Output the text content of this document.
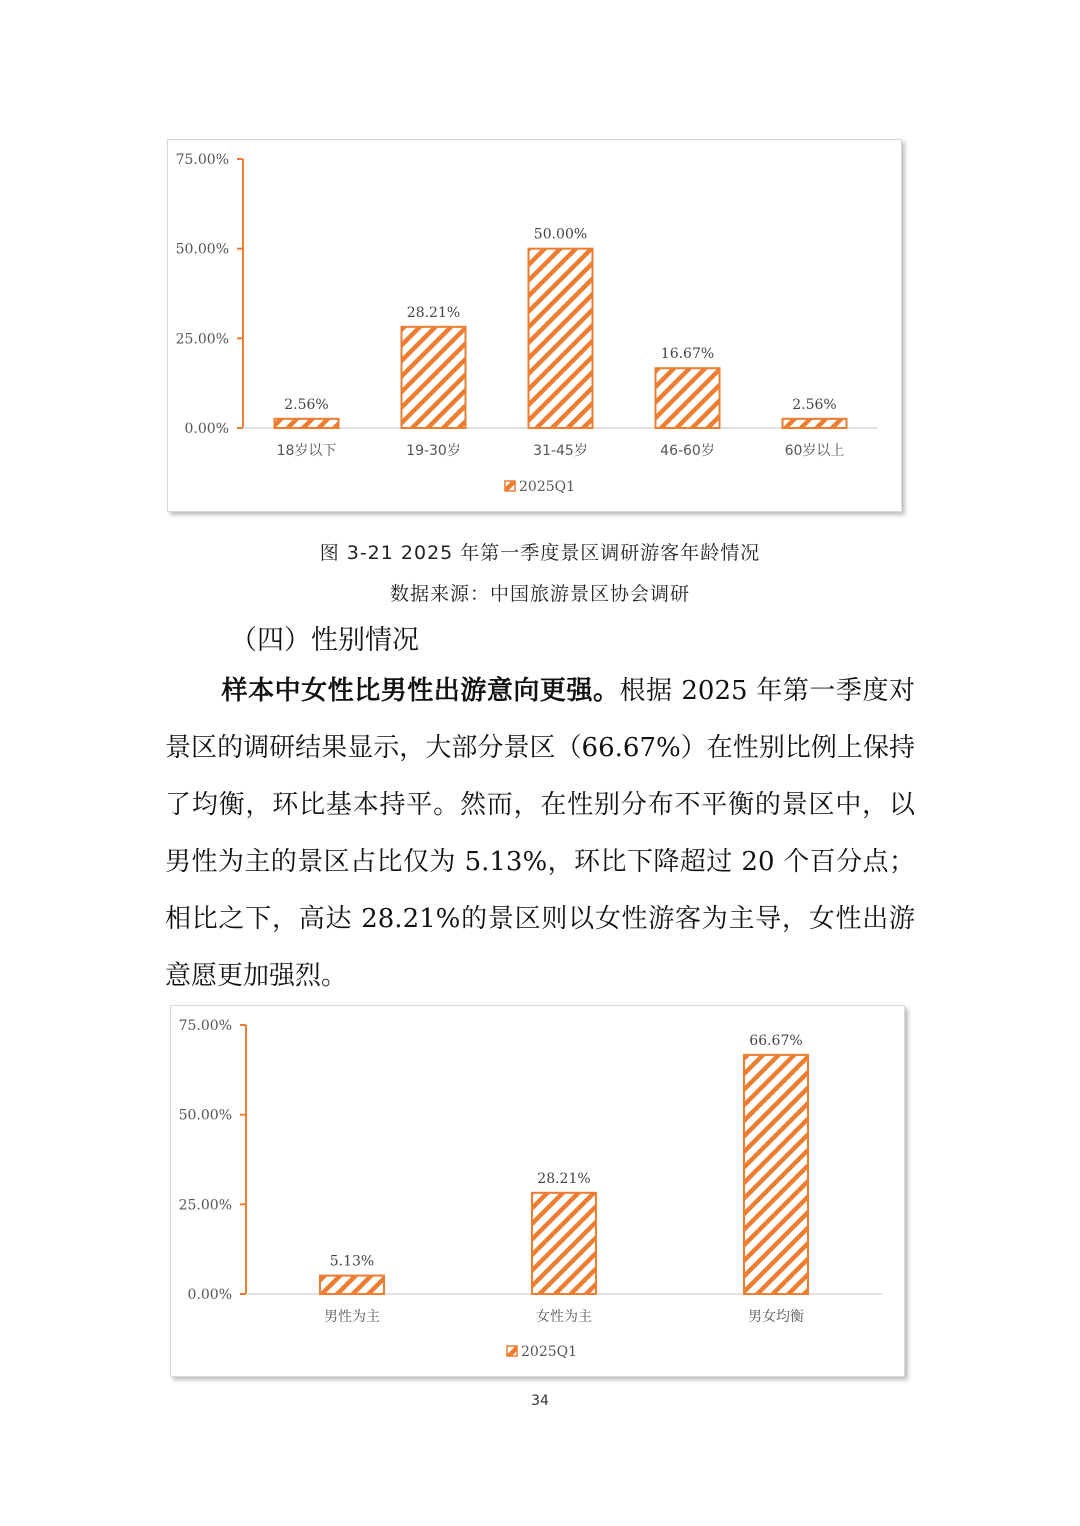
0.00%
25.00%
50.00%
75.00%
2.56%
18岁以下
28.21%
19-30岁
50.00%
31-45岁
16.67%
46-60岁
2.56%
60岁以上
2025Q1
图 3-21 2025 年第一季度景区调研游客年龄情况
数据来源：中国旅游景区协会调研
（四）性别情况

样本中女性比男性出游意向更强。根据 2025 年第一季度对景区的调研结果显示，大部分景区（66.67%）在性别比例上保持了均衡，环比基本持平。然而，在性别分布不平衡的景区中，以男性为主的景区占比仅为 5.13%，环比下降超过 20 个百分点；相比之下，高达 28.21%的景区则以女性游客为主导，女性出游意愿更加强烈。

0.00%
25.00%
50.00%
75.00%
5.13%
男性为主
28.21%
女性为主
66.67%
男女均衡
2025Q1
34
